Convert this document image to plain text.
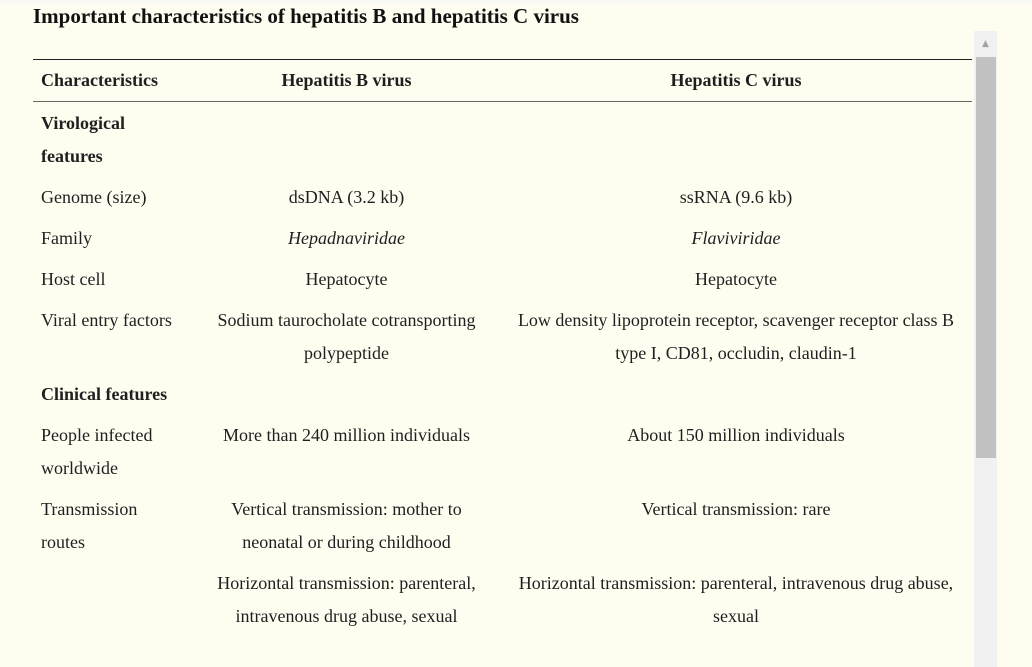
Important characteristics of hepatitis B and hepatitis C virus
Characteristics	Hepatitis B virus	Hepatitis C virus
Virological features		
Genome (size)	dsDNA (3.2 kb)	ssRNA (9.6 kb)
Family	Hepadnaviridae	Flaviviridae
Host cell	Hepatocyte	Hepatocyte
Viral entry factors	Sodium taurocholate cotransporting polypeptide	Low density lipoprotein receptor, scavenger receptor class B type I, CD81, occludin, claudin-1
Clinical features		
People infected worldwide	More than 240 million individuals	About 150 million individuals
Transmission routes	Vertical transmission: mother to neonatal or during childhood	Vertical transmission: rare
	Horizontal transmission: parenteral, intravenous drug abuse, sexual	Horizontal transmission: parenteral, intravenous drug abuse, sexual
▲
